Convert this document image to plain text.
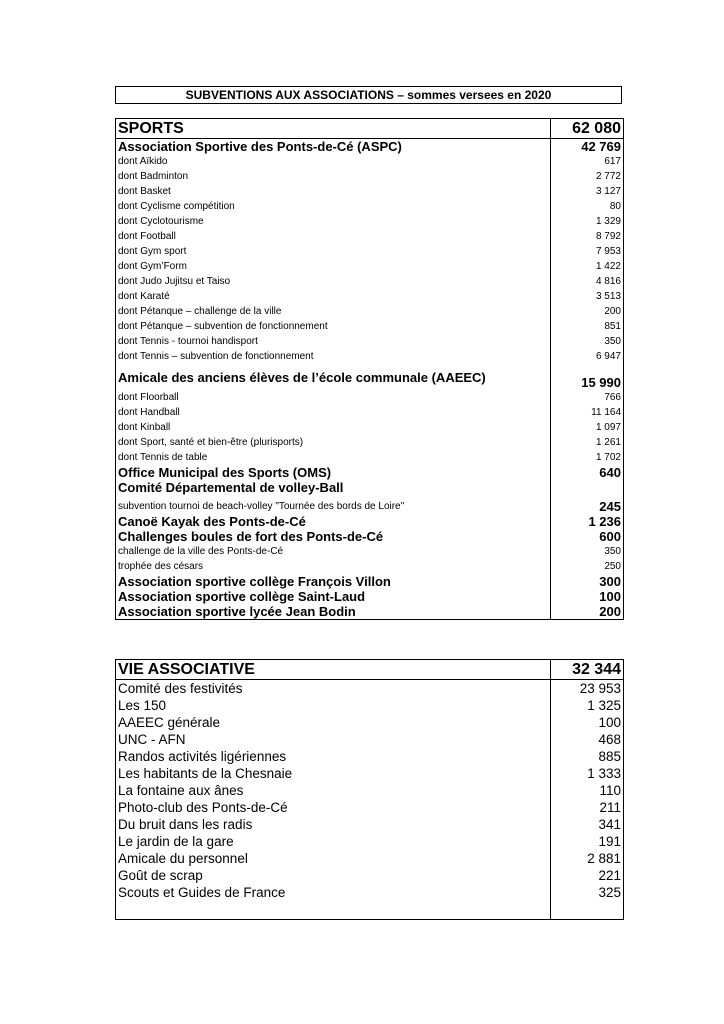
SUBVENTIONS AUX ASSOCIATIONS – sommes versees en 2020
SPORTS	62 080
Association Sportive des Ponts-de-Cé (ASPC)	42 769
dont Aïkido	617
dont Badminton	2 772
dont Basket	3 127
dont Cyclisme compétition	80
dont Cyclotourisme	1 329
dont Football	8 792
dont Gym sport	7 953
dont Gym’Form	1 422
dont Judo Jujitsu et Taiso	4 816
dont Karaté	3 513
dont Pétanque – challenge de la ville	200
dont Pétanque – subvention de fonctionnement	851
dont Tennis - tournoi handisport	350
dont Tennis – subvention de fonctionnement	6 947
Amicale des anciens élèves de l’école communale (AAEEC)	15 990
dont Floorball	766
dont Handball	11 164
dont Kinball	1 097
dont Sport, santé et bien-être (plurisports)	1 261
dont Tennis de table	1 702
Office Municipal des Sports (OMS)	640
Comité Départemental de volley-Ball	
subvention tournoi de beach-volley "Tournée des bords de Loire"	245
Canoë Kayak des Ponts-de-Cé	1 236
Challenges boules de fort des Ponts-de-Cé	600
challenge de la ville des Ponts-de-Cé	350
trophée des césars	250
Association sportive collège François Villon	300
Association sportive collège Saint-Laud	100
Association sportive lycée Jean Bodin	200
VIE ASSOCIATIVE	32 344
Comité des festivités	23 953
Les 150	1 325
AAEEC générale	100
UNC - AFN	468
Randos activités ligériennes	885
Les habitants de la Chesnaie	1 333
La fontaine aux ânes	110
Photo-club des Ponts-de-Cé	211
Du bruit dans les radis	341
Le jardin de la gare	191
Amicale du personnel	2 881
Goût de scrap	221
Scouts et Guides de France	325
